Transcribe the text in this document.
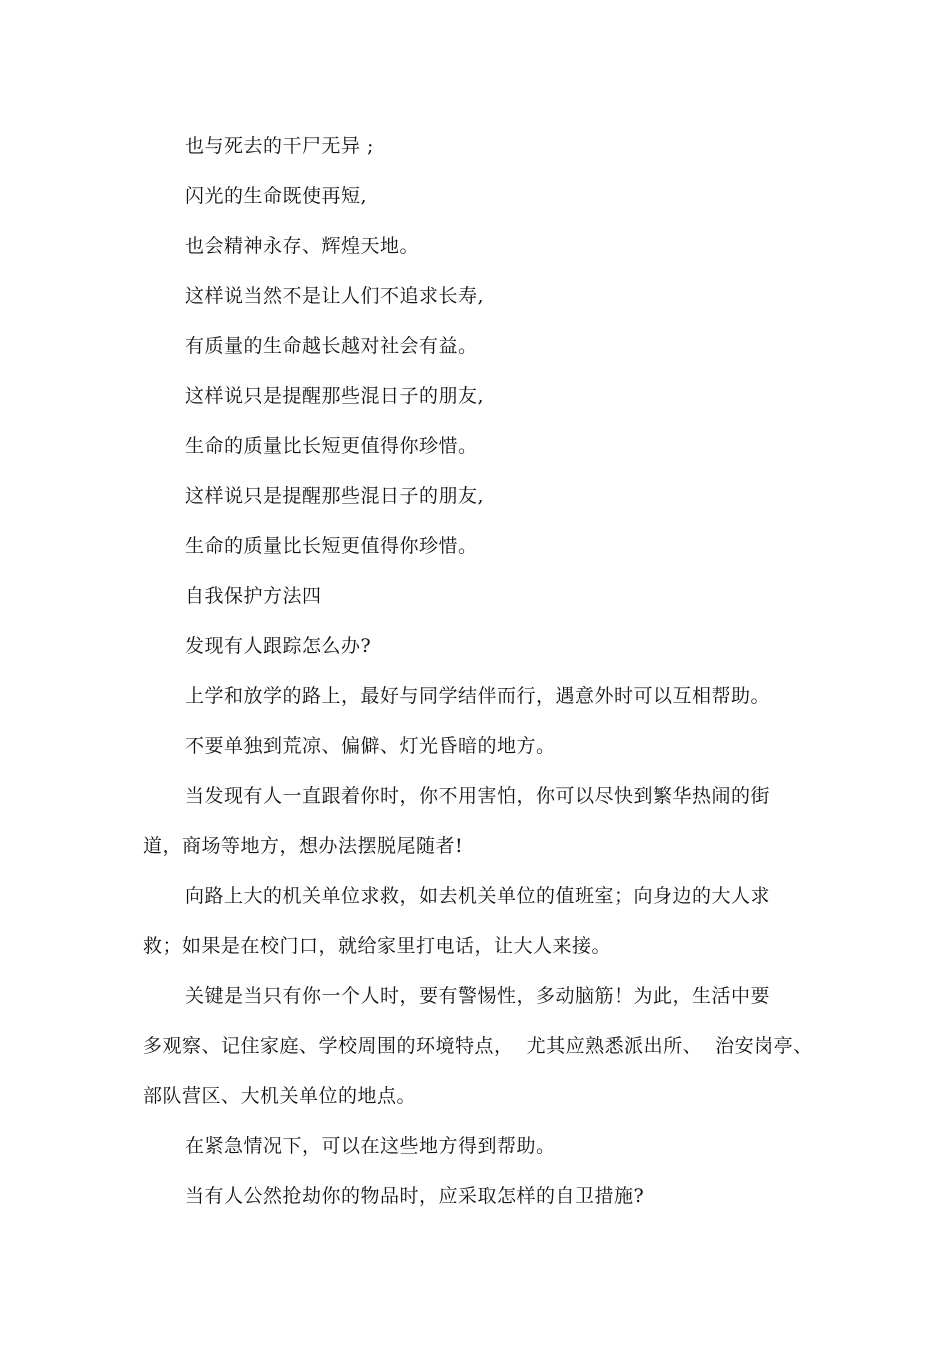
也与死去的干尸无异 ;
闪光的生命既使再短,
也会精神永存、辉煌天地。
这样说当然不是让人们不追求长寿,
有质量的生命越长越对社会有益。
这样说只是提醒那些混日子的朋友,
生命的质量比长短更值得你珍惜。
这样说只是提醒那些混日子的朋友,
生命的质量比长短更值得你珍惜。
自我保护方法四
发现有人跟踪怎么办?
上学和放学的路上，最好与同学结伴而行，遇意外时可以互相帮助。
不要单独到荒凉、偏僻、灯光昏暗的地方。
当发现有人一直跟着你时，你不用害怕，你可以尽快到繁华热闹的街
道，商场等地方，想办法摆脱尾随者!
向路上大的机关单位求救，如去机关单位的值班室；向身边的大人求
救；如果是在校门口，就给家里打电话，让大人来接。
关键是当只有你一个人时，要有警惕性，多动脑筋！为此，生活中要
多观察、记住家庭、学校周围的环境特点，  尤其应熟悉派出所、  治安岗亭、
部队营区、大机关单位的地点。
在紧急情况下，可以在这些地方得到帮助。
当有人公然抢劫你的物品时，应采取怎样的自卫措施?
